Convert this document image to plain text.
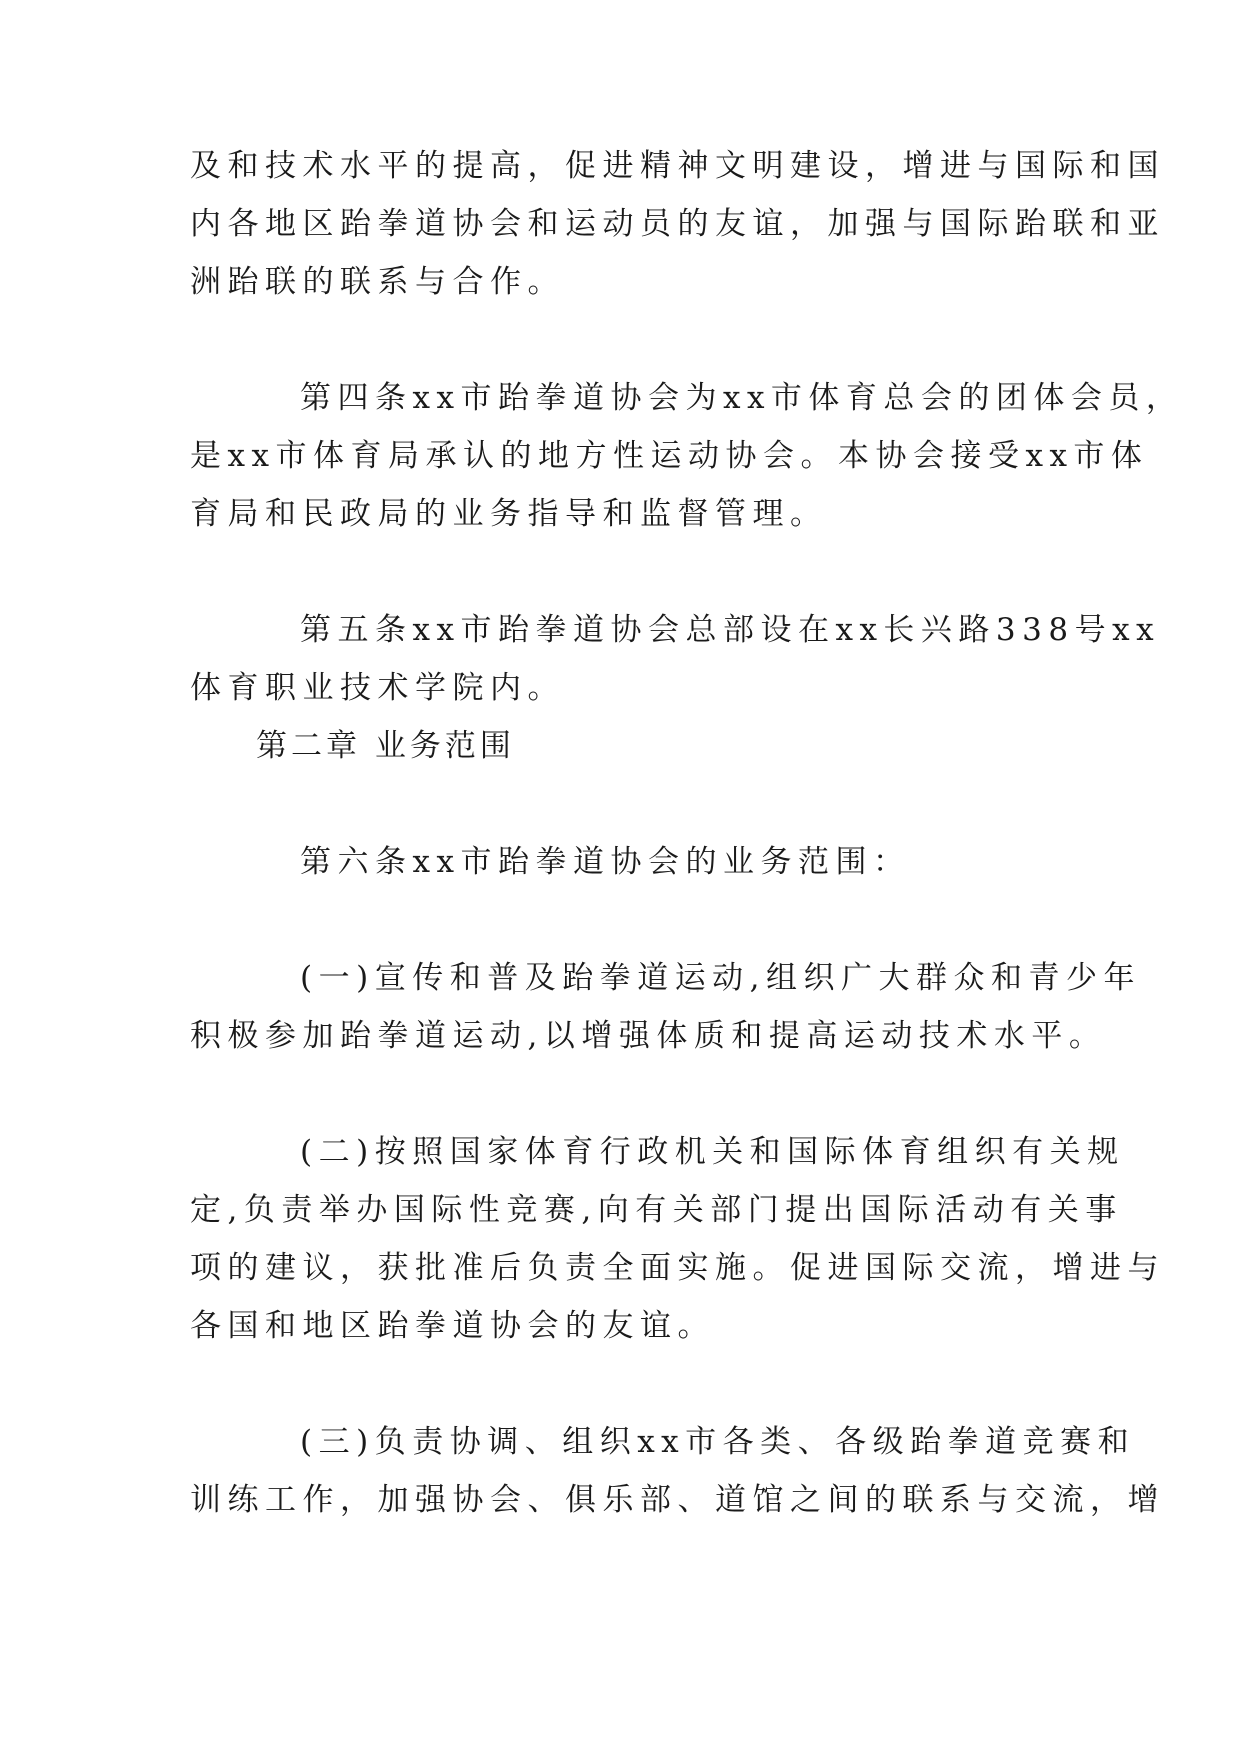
及和技术水平的提高，促进精神文明建设，增进与国际和国

内各地区跆拳道协会和运动员的友谊，加强与国际跆联和亚

洲跆联的联系与合作。

第四条xx市跆拳道协会为xx市体育总会的团体会员，

是xx市体育局承认的地方性运动协会。本协会接受xx市体

育局和民政局的业务指导和监督管理。

第五条xx市跆拳道协会总部设在xx长兴路338号xx

体育职业技术学院内。

第二章 业务范围

第六条xx市跆拳道协会的业务范围：

(一)宣传和普及跆拳道运动,组织广大群众和青少年

积极参加跆拳道运动,以增强体质和提高运动技术水平。

(二)按照国家体育行政机关和国际体育组织有关规

定,负责举办国际性竞赛,向有关部门提出国际活动有关事

项的建议，获批准后负责全面实施。促进国际交流，增进与

各国和地区跆拳道协会的友谊。

(三)负责协调、组织xx市各类、各级跆拳道竞赛和

训练工作，加强协会、俱乐部、道馆之间的联系与交流，增
